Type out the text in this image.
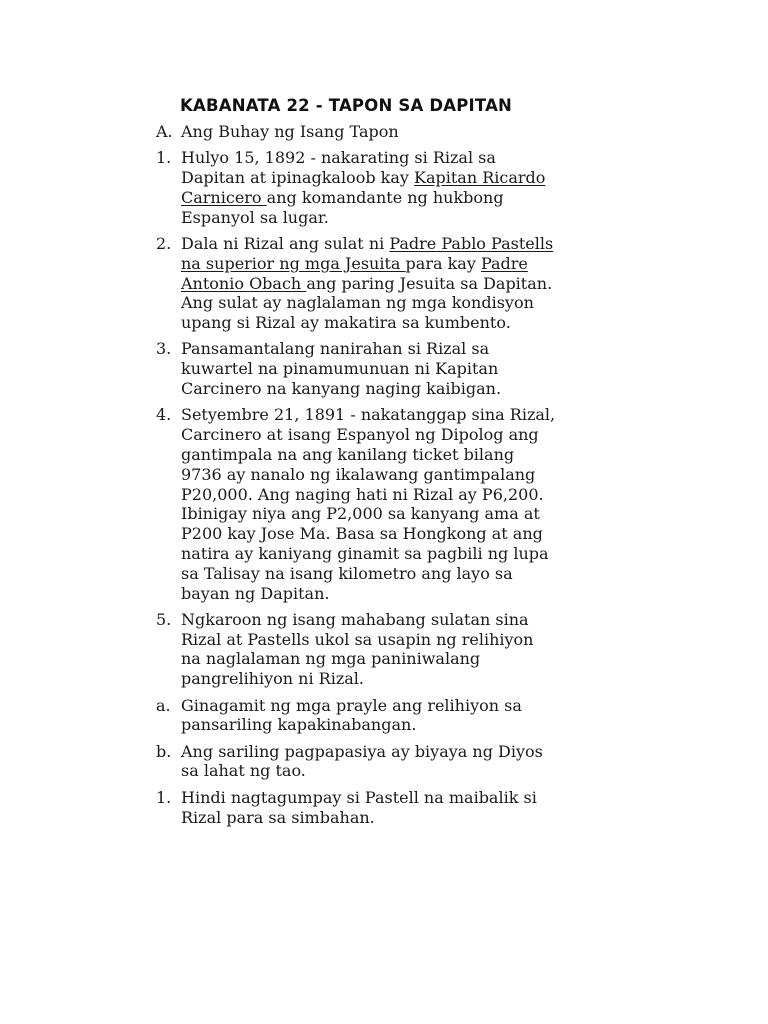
KABANATA 22 - TAPON SA DAPITAN
A. Ang Buhay ng Isang Tapon
1. Hulyo 15, 1892 - nakarating si Rizal sa Dapitan at ipinagkaloob kay Kapitan Ricardo Carnicero ang komandante ng hukbong Espanyol sa lugar.
2. Dala ni Rizal ang sulat ni Padre Pablo Pastells na superior ng mga Jesuita para kay Padre Antonio Obach ang paring Jesuita sa Dapitan. Ang sulat ay naglalaman ng mga kondisyon upang si Rizal ay makatira sa kumbento.
3. Pansamantalang nanirahan si Rizal sa kuwartel na pinamumunuan ni Kapitan Carcinero na kanyang naging kaibigan.
4. Setyembre 21, 1891 - nakatanggap sina Rizal, Carcinero at isang Espanyol ng Dipolog ang gantimpala na ang kanilang ticket bilang 9736 ay nanalo ng ikalawang gantimpalang P20,000. Ang naging hati ni Rizal ay P6,200. Ibinigay niya ang P2,000 sa kanyang ama at P200 kay Jose Ma. Basa sa Hongkong at ang natira ay kaniyang ginamit sa pagbili ng lupa sa Talisay na isang kilometro ang layo sa bayan ng Dapitan.
5. Ngkaroon ng isang mahabang sulatan sina Rizal at Pastells ukol sa usapin ng relihiyon na naglalaman ng mga paniniwalang pangrelihiyon ni Rizal.
a. Ginagamit ng mga prayle ang relihiyon sa pansariling kapakinabangan.
b. Ang sariling pagpapasiya ay biyaya ng Diyos sa lahat ng tao.
1. Hindi nagtagumpay si Pastell na maibalik si Rizal para sa simbahan.
